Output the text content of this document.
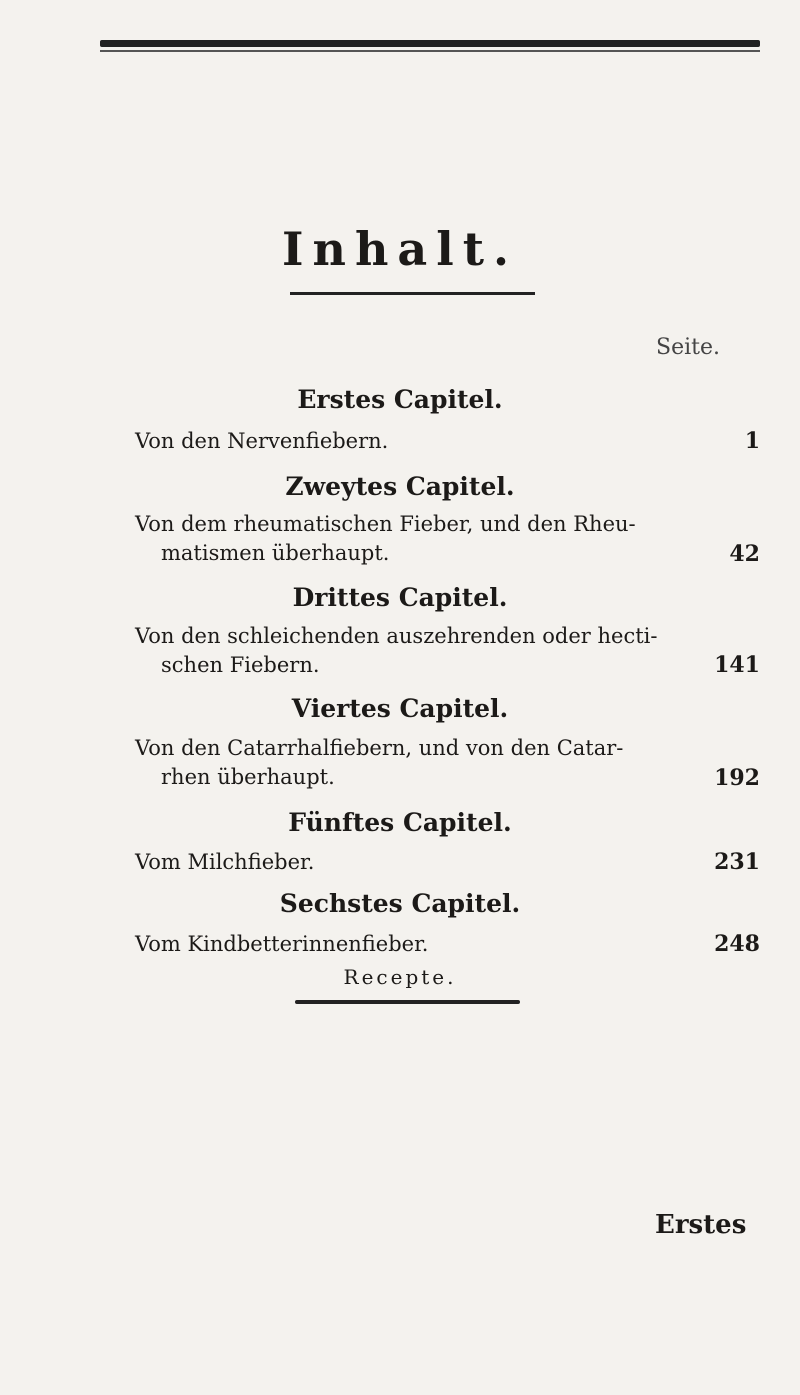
Inhalt.
Seite.
Erstes Capitel.
Von den Nervenfiebern.	1
Zweytes Capitel.
Von dem rheumatischen Fieber, und den Rheu-
matismen überhaupt.	42
Drittes Capitel.
Von den schleichenden auszehrenden oder hecti-
schen Fiebern.	141
Viertes Capitel.
Von den Catarrhalfiebern, und von den Catar-
rhen überhaupt.	192
Fünftes Capitel.
Vom Milchfieber.	231
Sechstes Capitel.
Vom Kindbetterinnenfieber.	248
Recepte.
Erstes
